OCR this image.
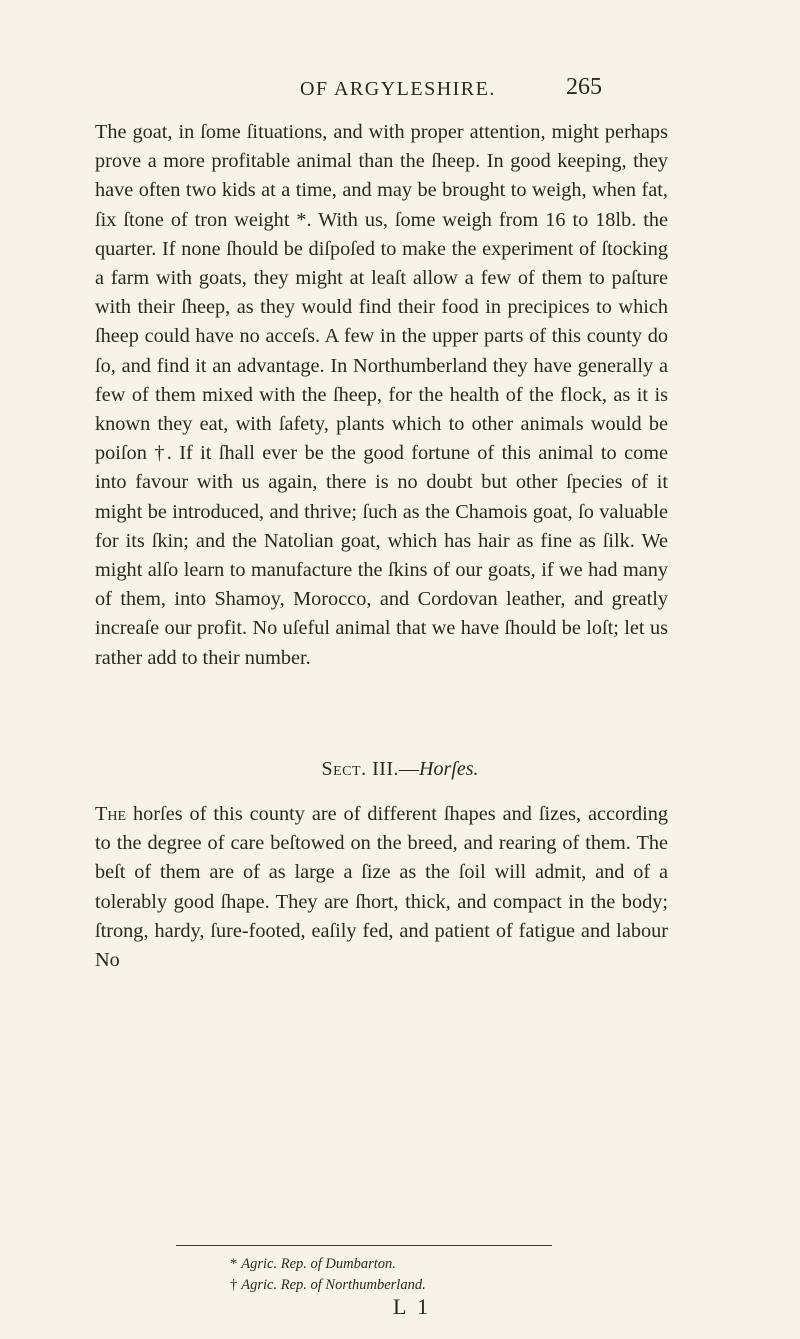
OF ARGYLESHIRE.	265

The goat, in ſome ſituations, and with proper attention, might perhaps prove a more profitable animal than the ſheep. In good keeping, they have often two kids at a time, and may be brought to weigh, when fat, ſix ſtone of tron weight *. With us, ſome weigh from 16 to 18lb. the quarter. If none ſhould be diſpoſed to make the experiment of ſtocking a farm with goats, they might at leaſt allow a few of them to paſture with their ſheep, as they would find their food in precipices to which ſheep could have no acceſs. A few in the upper parts of this county do ſo, and find it an advantage. In Northumberland they have generally a few of them mixed with the ſheep, for the health of the flock, as it is known they eat, with ſafety, plants which to other animals would be poiſon †. If it ſhall ever be the good fortune of this animal to come into favour with us again, there is no doubt but other ſpecies of it might be introduced, and thrive; ſuch as the Chamois goat, ſo valuable for its ſkin; and the Natolian goat, which has hair as fine as ſilk. We might alſo learn to manufacture the ſkins of our goats, if we had many of them, into Shamoy, Morocco, and Cordovan leather, and greatly increaſe our profit. No uſeful animal that we have ſhould be loſt; let us rather add to their number.

Sect. III.—Horſes.

The horſes of this county are of different ſhapes and ſizes, according to the degree of care beſtowed on the breed, and rearing of them. The beſt of them are of as large a ſize as the ſoil will admit, and of a tolerably good ſhape. They are ſhort, thick, and compact in the body; ſtrong, hardy, ſure-footed, eaſily fed, and patient of fatigue and labour No

* Agric. Rep. of Dumbarton.
† Agric. Rep. of Northumberland.
L 1
